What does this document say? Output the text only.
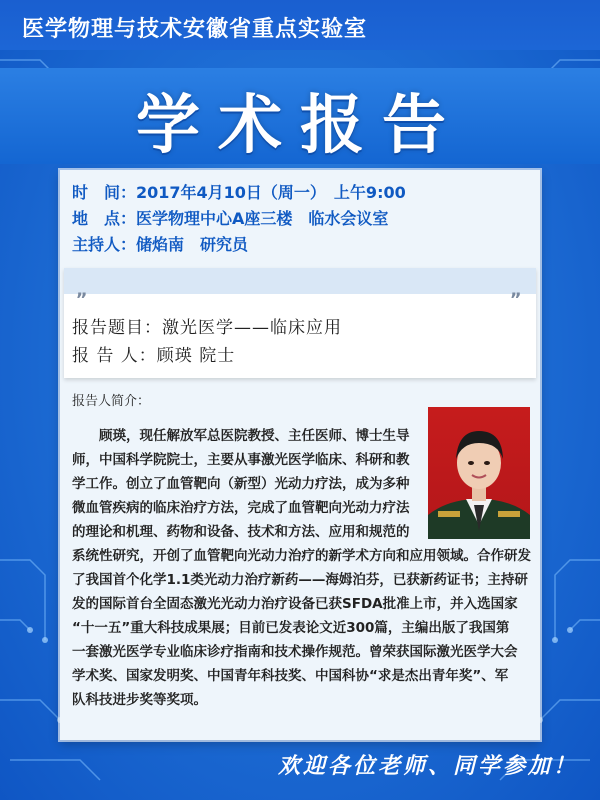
医学物理与技术安徽省重点实验室
学术报告
时　间：2017年4月10日（周一）　上午9:00
地　点：医学物理中心A座三楼　临水会议室
主持人：储焰南　研究员
„	„
报告题目：激光医学——临床应用
报 告 人：顾瑛 院士
报告人简介：
　　顾瑛，现任解放军总医院教授、主任医师、博士生导
师，中国科学院院士，主要从事激光医学临床、科研和教
学工作。创立了血管靶向（新型）光动力疗法，成为多种
微血管疾病的临床治疗方法，完成了血管靶向光动力疗法
的理论和机理、药物和设备、技术和方法、应用和规范的
系统性研究，开创了血管靶向光动力治疗的新学术方向和应用领域。合作研发
了我国首个化学1.1类光动力治疗新药——海姆泊芬，已获新药证书；主持研
发的国际首台全固态激光光动力治疗设备已获SFDA批准上市，并入选国家
“十一五”重大科技成果展；目前已发表论文近300篇，主编出版了我国第
一套激光医学专业临床诊疗指南和技术操作规范。曾荣获国际激光医学大会
学术奖、国家发明奖、中国青年科技奖、中国科协“求是杰出青年奖”、军
队科技进步奖等奖项。
欢迎各位老师、同学参加！
